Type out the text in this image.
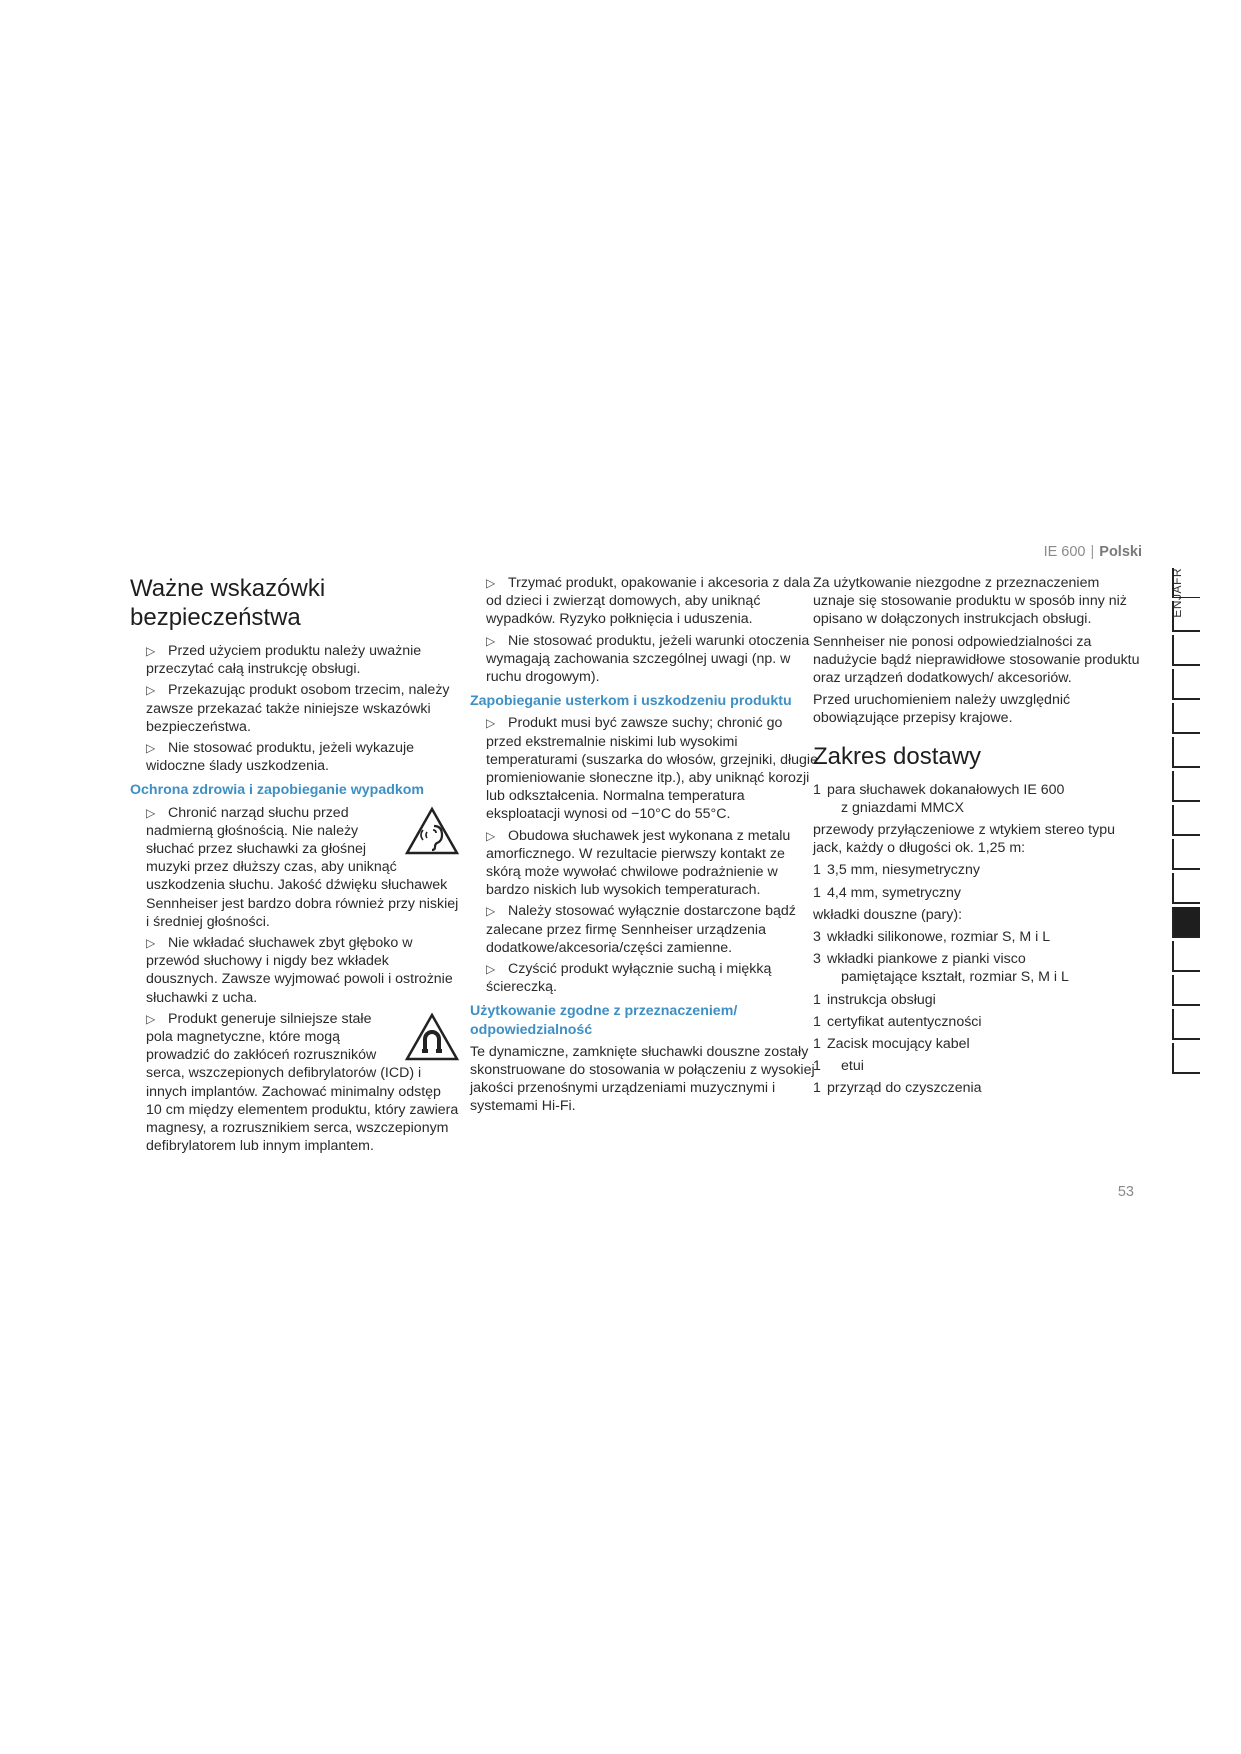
IE 600 | Polski
Ważne wskazówki
bezpieczeństwa

▷ Przed użyciem produktu należy uważnie przeczytać całą instrukcję obsługi.

▷ Przekazując produkt osobom trzecim, należy zawsze przekazać także niniejsze wskazówki bezpieczeństwa.

▷ Nie stosować produktu, jeżeli wykazuje widoczne ślady uszkodzenia.

Ochrona zdrowia i zapobieganie wypadkom

▷ Chronić narząd słuchu przed nadmierną głośnością. Nie należy słuchać przez słuchawki za głośnej muzyki przez dłuższy czas, aby uniknąć uszkodzenia słuchu. Jakość dźwięku słuchawek Sennheiser jest bardzo dobra również przy niskiej i średniej głośności.

▷ Nie wkładać słuchawek zbyt głęboko w przewód słuchowy i nigdy bez wkładek dousznych. Zawsze wyjmować powoli i ostrożnie słuchawki z ucha.

▷ Produkt generuje silniejsze stałe pola magnetyczne, które mogą prowadzić do zakłóceń rozruszników serca, wszczepionych defibrylatorów (ICD) i innych implantów. Zachować minimalny odstęp 10 cm między elementem produktu, który zawiera magnesy, a rozrusznikiem serca, wszczepionym defibrylatorem lub innym implantem.

▷ Trzymać produkt, opakowanie i akcesoria z dala od dzieci i zwierząt domowych, aby uniknąć wypadków. Ryzyko połknięcia i uduszenia.

▷ Nie stosować produktu, jeżeli warunki otoczenia wymagają zachowania szczególnej uwagi (np. w ruchu drogowym).

Zapobieganie usterkom i uszkodzeniu produktu

▷ Produkt musi być zawsze suchy; chronić go przed ekstremalnie niskimi lub wysokimi temperaturami (suszarka do włosów, grzejniki, długie promieniowanie słoneczne itp.), aby uniknąć korozji lub odkształcenia. Normalna temperatura eksploatacji wynosi od −10°C do 55°C.

▷ Obudowa słuchawek jest wykonana z metalu amorficznego. W rezultacie pierwszy kontakt ze skórą może wywołać chwilowe podrażnienie w bardzo niskich lub wysokich temperaturach.

▷ Należy stosować wyłącznie dostarczone bądź zalecane przez firmę Sennheiser urządzenia dodatkowe/akcesoria/części zamienne.

▷ Czyścić produkt wyłącznie suchą i miękką ściereczką.

Użytkowanie zgodne z przeznaczeniem/ odpowiedzialność

Te dynamiczne, zamknięte słuchawki douszne zostały skonstruowane do stosowania w połączeniu z wysokiej jakości przenośnymi urządzeniami muzycznymi i systemami Hi-Fi.

Za użytkowanie niezgodne z przeznaczeniem uznaje się stosowanie produktu w sposób inny niż opisano w dołączonych instrukcjach obsługi.

Sennheiser nie ponosi odpowiedzialności za nadużycie bądź nieprawidłowe stosowanie produktu oraz urządzeń dodatkowych/ akcesoriów.

Przed uruchomieniem należy uwzględnić obowiązujące przepisy krajowe.

Zakres dostawy
1 para słuchawek dokanałowych IE 600
z gniazdami MMCX

przewody przyłączeniowe z wtykiem stereo typu jack, każdy o długości ok. 1,25 m:

1 3,5 mm, niesymetryczny
1 4,4 mm, symetryczny

wkładki douszne (pary):

3 wkładki silikonowe, rozmiar S, M i L
3 wkładki piankowe z pianki visco
pamiętające kształt, rozmiar S, M i L
1 instrukcja obsługi
1 certyfikat autentyczności
1 Zacisk mocujący kabel
1	etui
1 przyrząd do czyszczenia
ENJAFR
53
